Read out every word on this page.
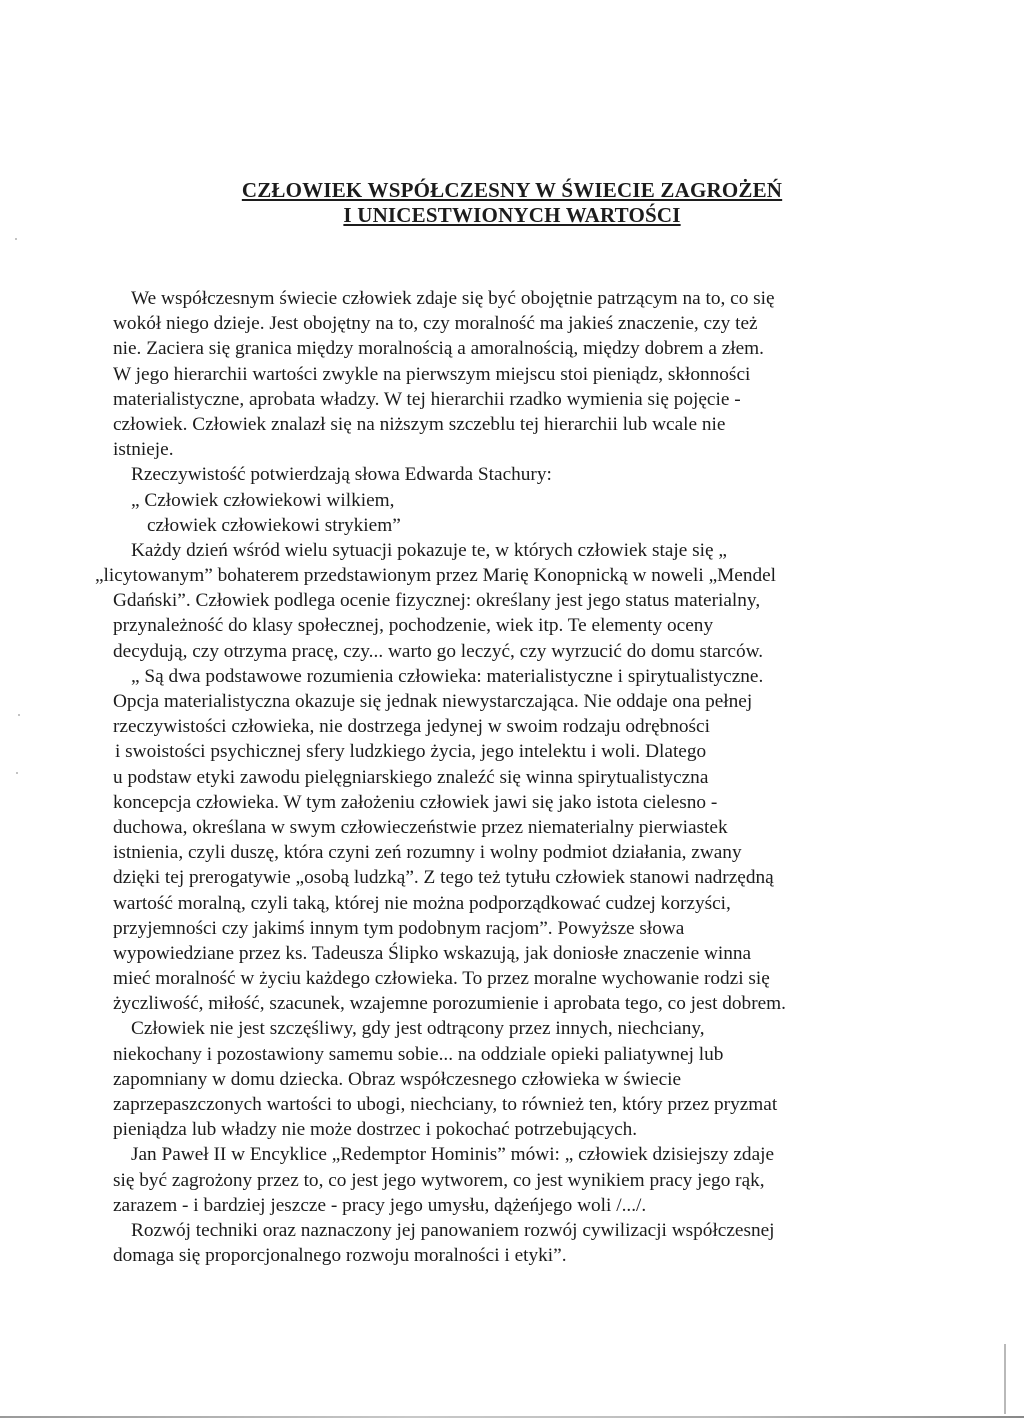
CZŁOWIEK WSPÓŁCZESNY W ŚWIECIE ZAGROŻEŃ
I UNICESTWIONYCH WARTOŚCI
We współczesnym świecie człowiek zdaje się być obojętnie patrzącym na to, co się
wokół niego dzieje. Jest obojętny na to, czy moralność ma jakieś znaczenie, czy też
nie. Zaciera się granica między moralnością a amoralnością, między dobrem a złem.
W jego hierarchii wartości zwykle na pierwszym miejscu stoi pieniądz, skłonności
materialistyczne, aprobata władzy. W tej hierarchii rzadko wymienia się pojęcie -
człowiek. Człowiek znalazł się na niższym szczeblu tej hierarchii lub wcale nie
istnieje.
Rzeczywistość potwierdzają słowa Edwarda Stachury:
„ Człowiek człowiekowi wilkiem,
człowiek człowiekowi strykiem”
Każdy dzień wśród wielu sytuacji pokazuje te, w których człowiek staje się „
„licytowanym” bohaterem przedstawionym przez Marię Konopnicką w noweli „Mendel
Gdański”. Człowiek podlega ocenie fizycznej: określany jest jego status materialny,
przynależność do klasy społecznej, pochodzenie, wiek itp. Te elementy oceny
decydują, czy otrzyma pracę, czy... warto go leczyć, czy wyrzucić do domu starców.
„ Są dwa podstawowe rozumienia człowieka: materialistyczne i spirytualistyczne.
Opcja materialistyczna okazuje się jednak niewystarczająca. Nie oddaje ona pełnej
rzeczywistości człowieka, nie dostrzega jedynej w swoim rodzaju odrębności
i swoistości psychicznej sfery ludzkiego życia, jego intelektu i woli. Dlatego
u podstaw etyki zawodu pielęgniarskiego znaleźć się winna spirytualistyczna
koncepcja człowieka. W tym założeniu człowiek jawi się jako istota cielesno -
duchowa, określana w swym człowieczeństwie przez niematerialny pierwiastek
istnienia, czyli duszę, która czyni zeń rozumny i wolny podmiot działania, zwany
dzięki tej prerogatywie „osobą ludzką”. Z tego też tytułu człowiek stanowi nadrzędną
wartość moralną, czyli taką, której nie można podporządkować cudzej korzyści,
przyjemności czy jakimś innym tym podobnym racjom”. Powyższe słowa
wypowiedziane przez ks. Tadeusza Ślipko wskazują, jak doniosłe znaczenie winna
mieć moralność w życiu każdego człowieka. To przez moralne wychowanie rodzi się
życzliwość, miłość, szacunek, wzajemne porozumienie i aprobata tego, co jest dobrem.
Człowiek nie jest szczęśliwy, gdy jest odtrącony przez innych, niechciany,
niekochany i pozostawiony samemu sobie... na oddziale opieki paliatywnej lub
zapomniany w domu dziecka. Obraz współczesnego człowieka w świecie
zaprzepaszczonych wartości to ubogi, niechciany, to również ten, który przez pryzmat
pieniądza lub władzy nie może dostrzec i pokochać potrzebujących.
Jan Paweł II w Encyklice „Redemptor Hominis” mówi: „ człowiek dzisiejszy zdaje
się być zagrożony przez to, co jest jego wytworem, co jest wynikiem pracy jego rąk,
zarazem - i bardziej jeszcze - pracy jego umysłu, dążeńjego woli /.../.
Rozwój techniki oraz naznaczony jej panowaniem rozwój cywilizacji współczesnej
domaga się proporcjonalnego rozwoju moralności i etyki”.
